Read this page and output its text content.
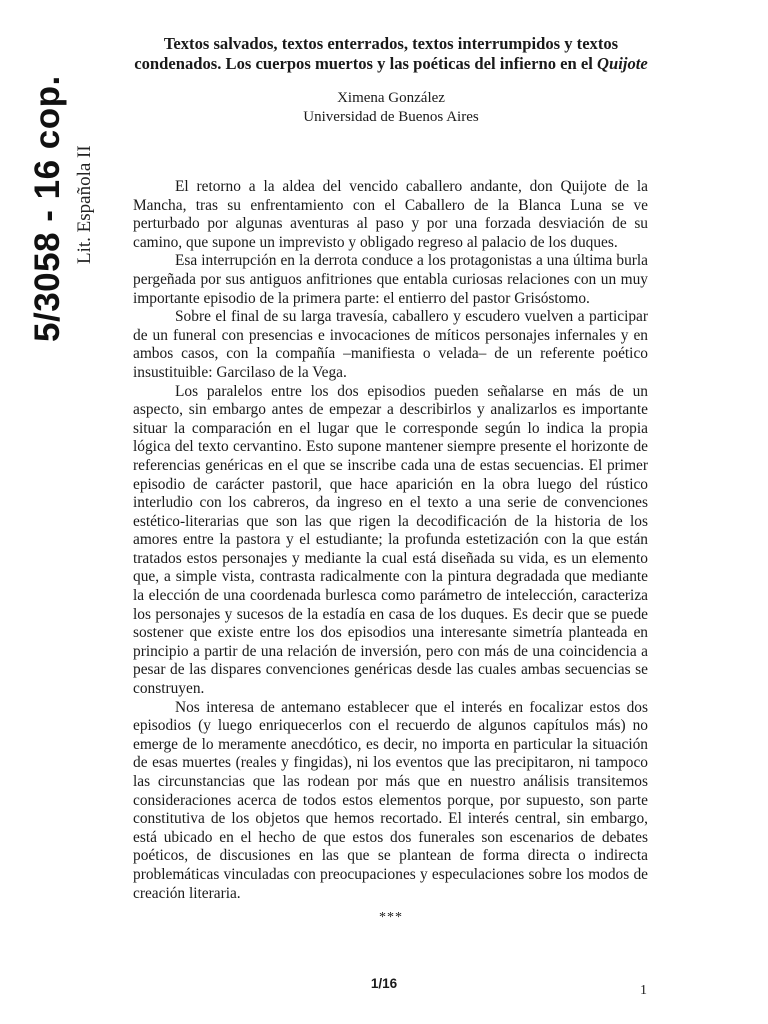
5/3058 - 16 cop. Lit. Española II
Textos salvados, textos enterrados, textos interrumpidos y textos condenados. Los cuerpos muertos y las poéticas del infierno en el Quijote
Ximena González
Universidad de Buenos Aires

El retorno a la aldea del vencido caballero andante, don Quijote de la Mancha, tras su enfrentamiento con el Caballero de la Blanca Luna se ve perturbado por algunas aventuras al paso y por una forzada desviación de su camino, que supone un imprevisto y obligado regreso al palacio de los duques.

Esa interrupción en la derrota conduce a los protagonistas a una última burla pergeñada por sus antiguos anfitriones que entabla curiosas relaciones con un muy importante episodio de la primera parte: el entierro del pastor Grisóstomo.

Sobre el final de su larga travesía, caballero y escudero vuelven a participar de un funeral con presencias e invocaciones de míticos personajes infernales y en ambos casos, con la compañía –manifiesta o velada– de un referente poético insustituible: Garcilaso de la Vega.

Los paralelos entre los dos episodios pueden señalarse en más de un aspecto, sin embargo antes de empezar a describirlos y analizarlos es importante situar la comparación en el lugar que le corresponde según lo indica la propia lógica del texto cervantino. Esto supone mantener siempre presente el horizonte de referencias genéricas en el que se inscribe cada una de estas secuencias. El primer episodio de carácter pastoril, que hace aparición en la obra luego del rústico interludio con los cabreros, da ingreso en el texto a una serie de convenciones estético-literarias que son las que rigen la decodificación de la historia de los amores entre la pastora y el estudiante; la profunda estetización con la que están tratados estos personajes y mediante la cual está diseñada su vida, es un elemento que, a simple vista, contrasta radicalmente con la pintura degradada que mediante la elección de una coordenada burlesca como parámetro de intelección, caracteriza los personajes y sucesos de la estadía en casa de los duques. Es decir que se puede sostener que existe entre los dos episodios una interesante simetría planteada en principio a partir de una relación de inversión, pero con más de una coincidencia a pesar de las dispares convenciones genéricas desde las cuales ambas secuencias se construyen.

Nos interesa de antemano establecer que el interés en focalizar estos dos episodios (y luego enriquecerlos con el recuerdo de algunos capítulos más) no emerge de lo meramente anecdótico, es decir, no importa en particular la situación de esas muertes (reales y fingidas), ni los eventos que las precipitaron, ni tampoco las circunstancias que las rodean por más que en nuestro análisis transitemos consideraciones acerca de todos estos elementos porque, por supuesto, son parte constitutiva de los objetos que hemos recortado. El interés central, sin embargo, está ubicado en el hecho de que estos dos funerales son escenarios de debates poéticos, de discusiones en las que se plantean de forma directa o indirecta problemáticas vinculadas con preocupaciones y especulaciones sobre los modos de creación literaria.

***
1/16	1
